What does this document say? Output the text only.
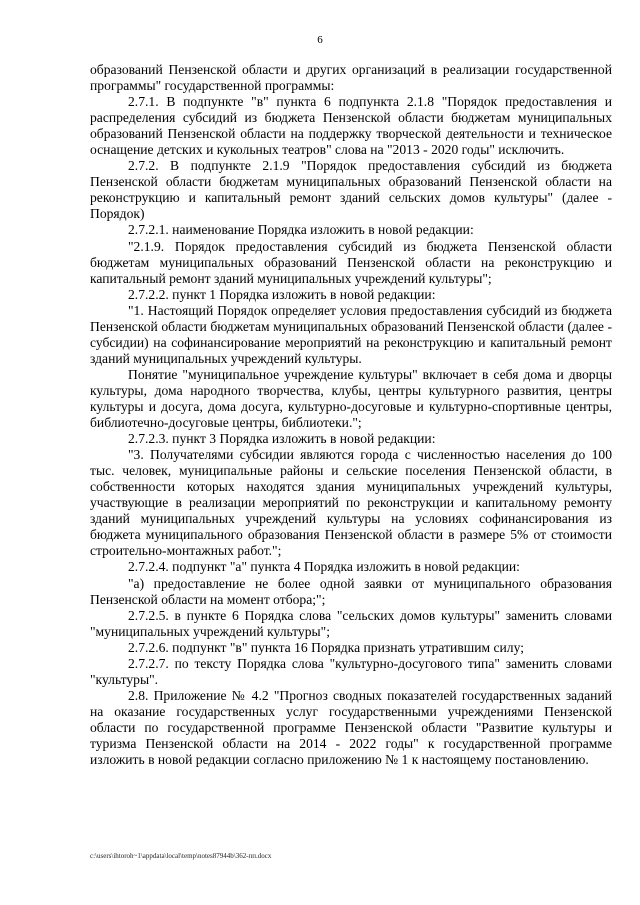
6

образований Пензенской области и других организаций в реализации государственной программы" государственной программы:

2.7.1. В подпункте "в" пункта 6 подпункта 2.1.8 "Порядок предоставления и распределения субсидий из бюджета Пензенской области бюджетам муниципальных образований Пензенской области на поддержку творческой деятельности и техническое оснащение детских и кукольных театров" слова на "2013 - 2020 годы" исключить.

2.7.2. В подпункте 2.1.9 "Порядок предоставления субсидий из бюджета Пензенской области бюджетам муниципальных образований Пензенской области на реконструкцию и капитальный ремонт зданий сельских домов культуры" (далее - Порядок)

2.7.2.1. наименование Порядка изложить в новой редакции:

"2.1.9. Порядок предоставления субсидий из бюджета Пензенской области бюджетам муниципальных образований Пензенской области на реконструкцию и капитальный ремонт зданий муниципальных учреждений культуры";

2.7.2.2. пункт 1 Порядка изложить в новой редакции:

"1. Настоящий Порядок определяет условия предоставления субсидий из бюджета Пензенской области бюджетам муниципальных образований Пензенской области (далее - субсидии) на софинансирование мероприятий на реконструкцию и капитальный ремонт зданий муниципальных учреждений культуры.

Понятие "муниципальное учреждение культуры" включает в себя дома и дворцы культуры, дома народного творчества, клубы, центры культурного развития, центры культуры и досуга, дома досуга, культурно-досуговые и культурно-спортивные центры, библиотечно-досуговые центры, библиотеки.";

2.7.2.3. пункт 3 Порядка изложить в новой редакции:

"3. Получателями субсидии являются города с численностью населения до 100 тыс. человек, муниципальные районы и сельские поселения Пензенской области, в собственности которых находятся здания муниципальных учреждений культуры, участвующие в реализации мероприятий по реконструкции и капитальному ремонту зданий муниципальных учреждений культуры на условиях софинансирования из бюджета муниципального образования Пензенской области в размере 5% от стоимости строительно-монтажных работ.";

2.7.2.4. подпункт "а" пункта 4 Порядка изложить в новой редакции:

"а) предоставление не более одной заявки от муниципального образования Пензенской области на момент отбора;";

2.7.2.5. в пункте 6 Порядка слова "сельских домов культуры" заменить словами "муниципальных учреждений культуры";

2.7.2.6. подпункт "в" пункта 16 Порядка признать утратившим силу;

2.7.2.7. по тексту Порядка слова "культурно-досугового типа" заменить словами "культуры".

2.8. Приложение № 4.2 "Прогноз сводных показателей государственных заданий на оказание государственных услуг государственными учреждениями Пензенской области по государственной программе Пензенской области "Развитие культуры и туризма Пензенской области на 2014 - 2022 годы" к государственной программе изложить в новой редакции согласно приложению № 1 к настоящему постановлению.

c:\users\ihtoroh~1\appdata\local\temp\notes87944b\362-пп.docx
